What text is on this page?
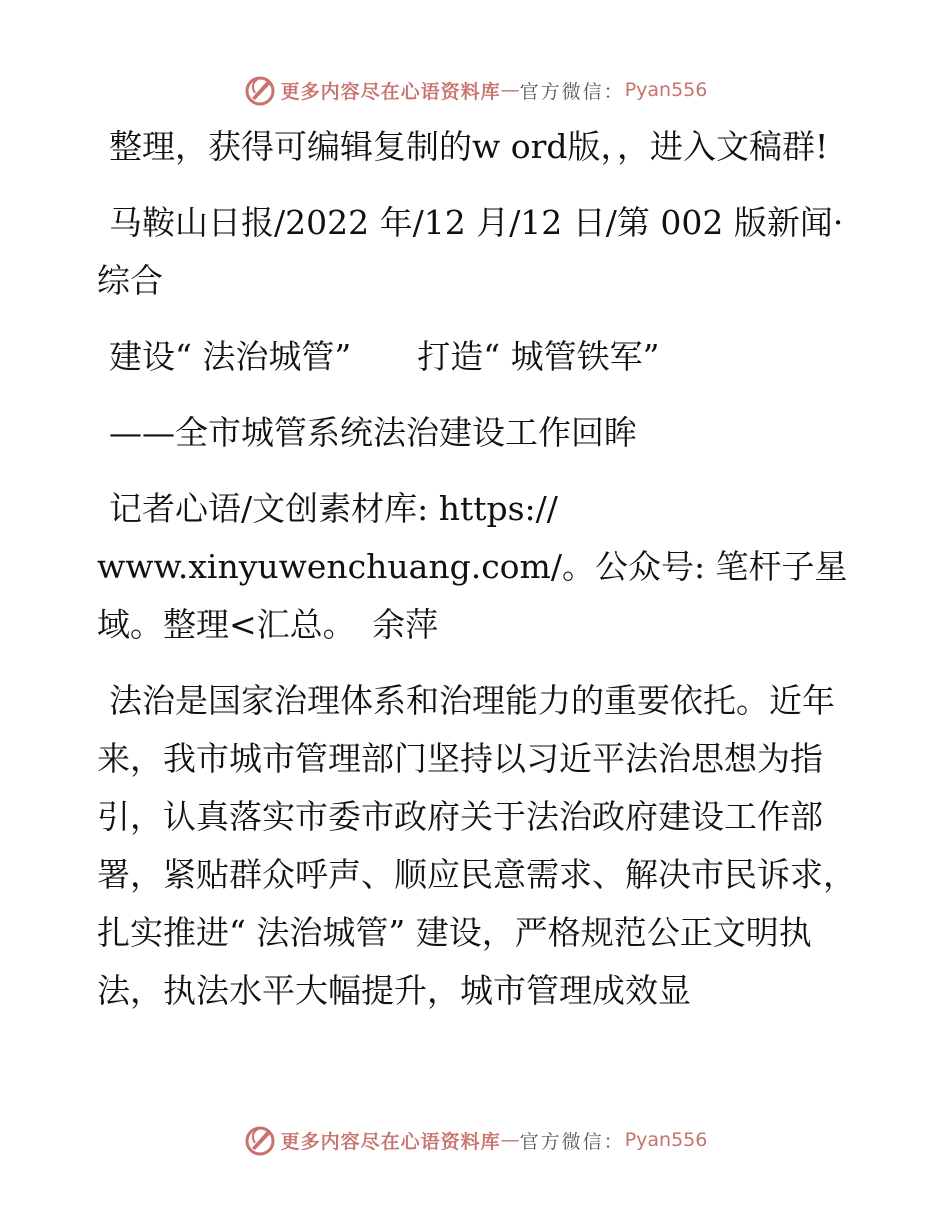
更多内容尽在心语资料库 — 官方微信： Pyan556

整理，获得可编辑复制的w ord版，，进入文稿群!

马鞍山日报/2022 年/12 月/12 日/第 002 版新闻· 综合

建设“ 法治城管”　　打造“ 城管铁军”

——全市城管系统法治建设工作回眸

记者心语/文创素材库: https:// www.xinyuwenchuang.com/。公众号: 笔杆子星域。整理<汇总。　余萍

法治是国家治理体系和治理能力的重要依托。近年来，我市城市管理部门坚持以习近平法治思想为指引，认真落实市委市政府关于法治政府建设工作部署，紧贴群众呼声、顺应民意需求、解决市民诉求，扎实推进“ 法治城管” 建设，严格规范公正文明执法，执法水平大幅提升，城市管理成效显

更多内容尽在心语资料库 — 官方微信： Pyan556
